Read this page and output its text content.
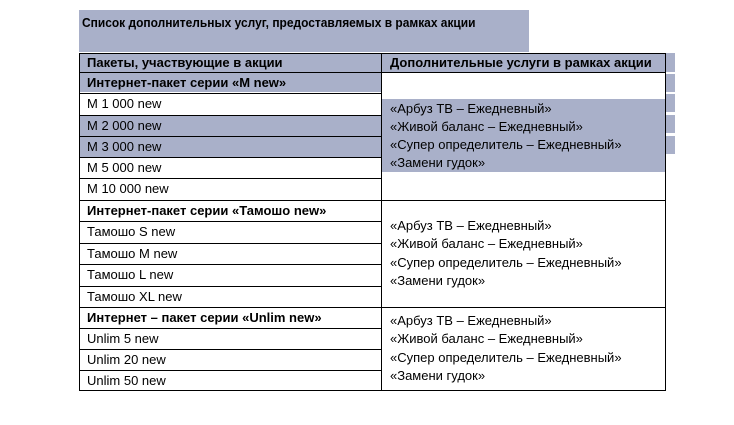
Список дополнительных услуг, предоставляемых в рамках акции
Пакеты, участвующие в акции	Дополнительные услуги в рамках акции
Интернет-пакет серии «M new»
M 1 000 new
M 2 000 new
M 3 000 new
M 5 000 new
M 10 000 new
«Арбуз ТВ – Ежедневный»
«Живой баланс – Ежедневный»
«Супер определитель – Ежедневный»
«Замени гудок»
Интернет-пакет серии «Тамошо new»
Тамошо S new
Тамошо M new
Тамошо L new
Тамошо XL new
«Арбуз ТВ – Ежедневный»
«Живой баланс – Ежедневный»
«Супер определитель – Ежедневный»
«Замени гудок»
Интернет – пакет серии «Unlim new»
Unlim 5 new
Unlim 20 new
Unlim 50 new
«Арбуз ТВ – Ежедневный»
«Живой баланс – Ежедневный»
«Супер определитель – Ежедневный»
«Замени гудок»
